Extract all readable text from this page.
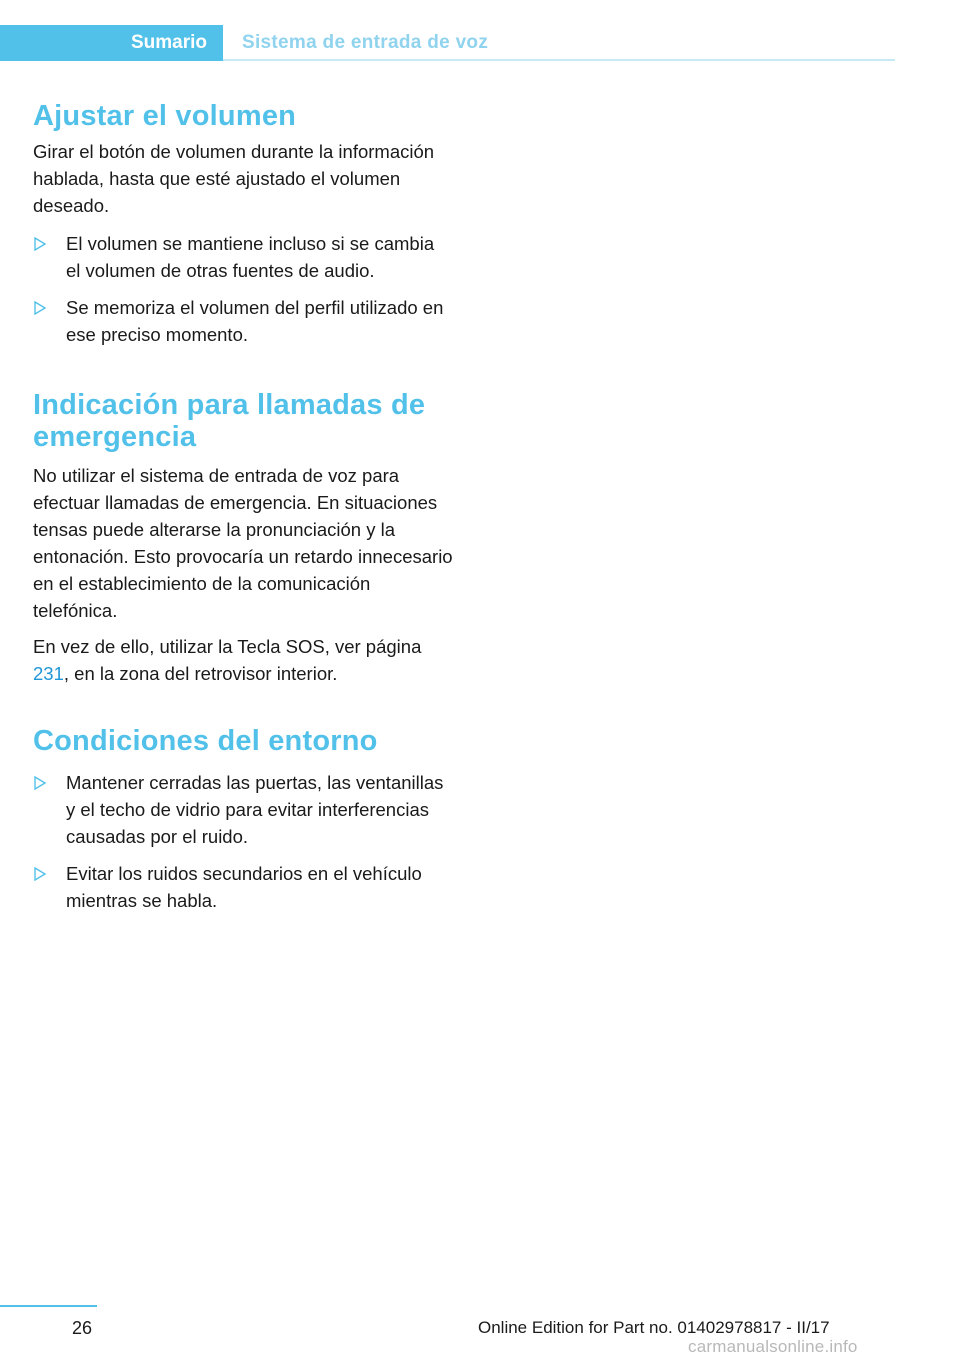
Sumario Sistema de entrada de voz
Ajustar el volumen

Girar el botón de volumen durante la información hablada, hasta que esté ajustado el volumen deseado.

El volumen se mantiene incluso si se cambia el volumen de otras fuentes de audio.
Se memoriza el volumen del perfil utilizado en ese preciso momento.
Indicación para llamadas de emergencia

No utilizar el sistema de entrada de voz para efectuar llamadas de emergencia. En situaciones tensas puede alterarse la pronunciación y la entonación. Esto provocaría un retardo innecesario en el establecimiento de la comunicación telefónica.

En vez de ello, utilizar la Tecla SOS, ver página 231, en la zona del retrovisor interior.

Condiciones del entorno
Mantener cerradas las puertas, las ventanillas y el techo de vidrio para evitar interferencias causadas por el ruido.
Evitar los ruidos secundarios en el vehículo mientras se habla.
26	Online Edition for Part no. 01402978817 - II/17
carmanualsonline.info
